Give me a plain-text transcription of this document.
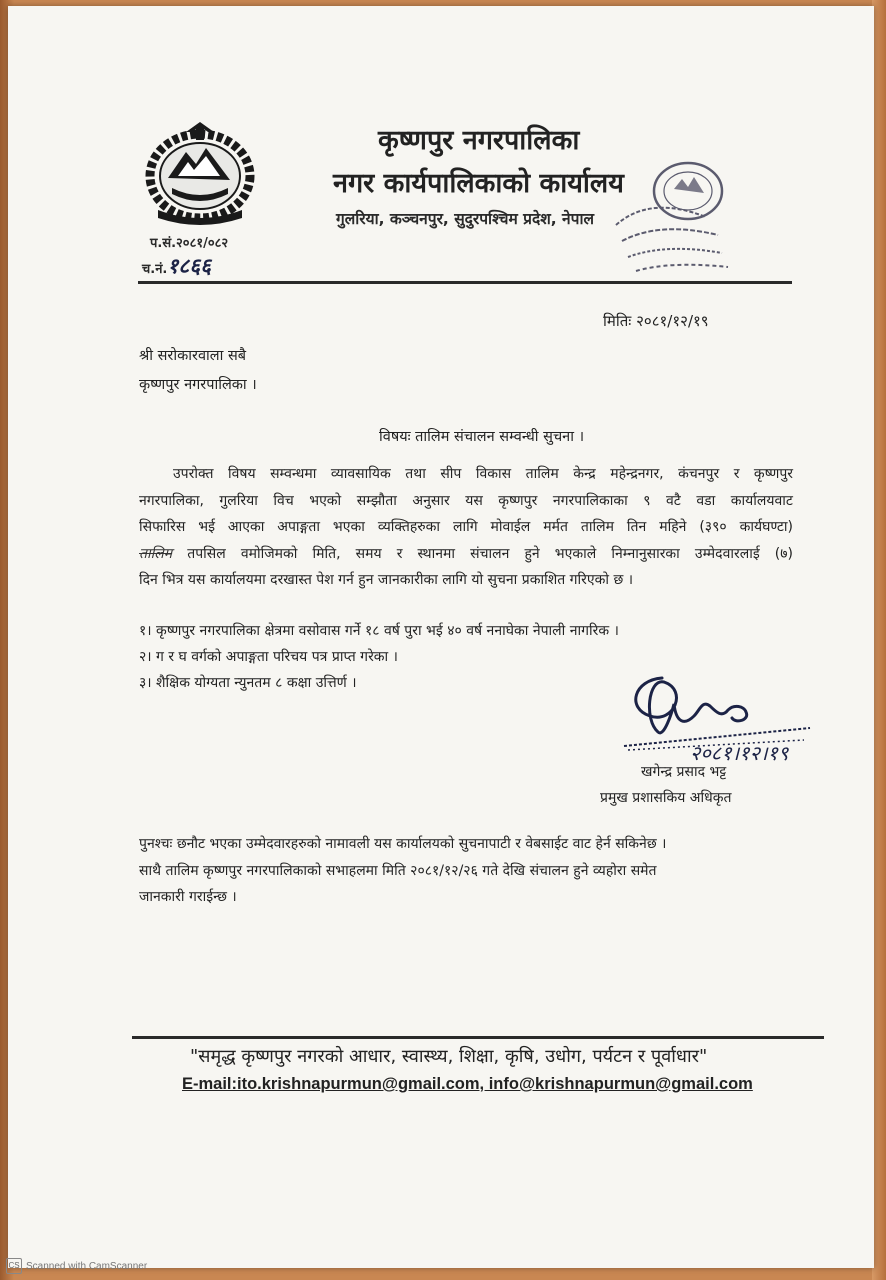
कृष्णपुर नगरपालिका
नगर कार्यपालिकाको कार्यालय
गुलरिया, कञ्चनपुर, सुदुरपश्चिम प्रदेश, नेपाल
प.सं.२०८१/०८२
च.नं.१८६६
मितिः २०८१/१२/१९
श्री सरोकारवाला सबै
कृष्णपुर नगरपालिका ।
विषयः तालिम संचालन सम्वन्धी सुचना ।
उपरोक्त विषय सम्वन्धमा व्यावसायिक तथा सीप विकास तालिम केन्द्र महेन्द्रनगर, कंचनपुर र कृष्णपुर
नगरपालिका, गुलरिया विच भएको सम्झौता अनुसार यस कृष्णपुर नगरपालिकाका ९ वटै वडा कार्यालयवाट
सिफारिस भई आएका अपाङ्गता भएका व्यक्तिहरुका लागि मोवाईल मर्मत तालिम तिन महिने (३९० कार्यघण्टा)
तालिम तपसिल वमोजिमको मिति, समय र स्थानमा संचालन हुने भएकाले निम्नानुसारका उम्मेदवारलाई (७)
दिन भित्र यस कार्यालयमा दरखास्त पेश गर्न हुन जानकारीका लागि यो सुचना प्रकाशित गरिएको छ ।
१। कृष्णपुर नगरपालिका क्षेत्रमा वसोवास गर्ने १८ वर्ष पुरा भई ४० वर्ष ननाघेका नेपाली नागरिक ।
२। ग र घ वर्गको अपाङ्गता परिचय पत्र प्राप्त गरेका ।
३। शैक्षिक योग्यता न्युनतम ८ कक्षा उत्तिर्ण ।
२०८१।१२।१९
खगेन्द्र प्रसाद भट्ट
प्रमुख प्रशासकिय अधिकृत
पुनश्चः छनौट भएका उम्मेदवारहरुको नामावली यस कार्यालयको सुचनापाटी र वेबसाईट वाट हेर्न सकिनेछ ।
साथै तालिम कृष्णपुर नगरपालिकाको सभाहलमा मिति २०८१/१२/२६ गते देखि संचालन हुने व्यहोरा समेत
जानकारी गराईन्छ ।
"समृद्ध कृष्णपुर नगरको आधार, स्वास्थ्य, शिक्षा, कृषि, उधोग, पर्यटन र पूर्वाधार"
E-mail:ito.krishnapurmun@gmail.com, info@krishnapurmun@gmail.com
CS Scanned with CamScanner
